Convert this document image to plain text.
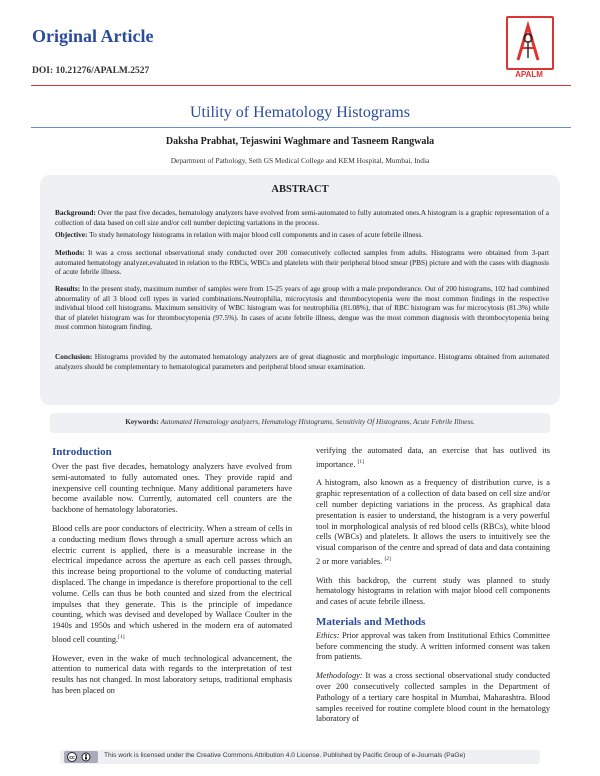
Original Article
DOI: 10.21276/APALM.2527	APALM
Utility of Hematology Histograms
Daksha Prabhat, Tejaswini Waghmare and Tasneem Rangwala
Department of Pathology, Seth GS Medical College and KEM Hospital, Mumbai, India
ABSTRACT

Background: Over the past five decades, hematology analyzers have evolved from semi-automated to fully automated ones.A histogram is a graphic representation of a collection of data based on cell size and/or cell number depicting variations in the process.

Objective: To study hematology histograms in relation with major blood cell components and in cases of acute febrile illness.

Methods: It was a cross sectional observational study conducted over 200 consecutively collected samples from adults. Histograms were obtained from 3-part automated hematology analyzer,evaluated in relation to the RBCs, WBCs and platelets with their peripheral blood smear (PBS) picture and with the cases with diagnosis of acute febrile illness.

Results: In the present study, maximum number of samples were from 15-25 years of age group with a male preponderance. Out of 200 histograms, 102 had combined abnormality of all 3 blood cell types in varied combinations.Neutrophilia, microcytosis and thrombocytopenia were the most common findings in the respective individual blood cell histograms. Maximum sensitivity of WBC histogram was for neutrophilia (81.08%), that of RBC histogram was for microcytosis (81.3%) while that of platelet histogram was for thrombocytopenia (97.5%). In cases of acute febrile illness, dengue was the most common diagnosis with thrombocytopenia being most common histogram finding.

Conclusion: Histograms provided by the automated hematology analyzers are of great diagnostic and morphologic importance. Histograms obtained from automated analyzers should be complementary to hematological parameters and peripheral blood smear examination.

Keywords: Automated Hematology analyzers, Hematology Histograms, Sensitivity Of Histograms, Acute Febrile Illness.
Introduction

Over the past five decades, hematology analyzers have evolved from semi-automated to fully automated ones. They provide rapid and inexpensive cell counting technique. Many additional parameters have become available now. Currently, automated cell counters are the backbone of hematology laboratories.

Blood cells are poor conductors of electricity. When a stream of cells in a conducting medium flows through a small aperture across which an electric current is applied, there is a measurable increase in the electrical impedance across the aperture as each cell passes through, this increase being proportional to the volume of conducting material displaced. The change in impedance is therefore proportional to the cell volume. Cells can thus be both counted and sized from the electrical impulses that they generate. This is the principle of impedance counting, which was devised and developed by Wallace Coulter in the 1940s and 1950s and which ushered in the modern era of automated blood cell counting.[1]

However, even in the wake of much technological advancement, the attention to numerical data with regards to the interpretation of test results has not changed. In most laboratory setups, traditional emphasis has been placed on

verifying the automated data, an exercise that has outlived its importance. [1]

A histogram, also known as a frequency of distribution curve, is a graphic representation of a collection of data based on cell size and/or cell number depicting variations in the process. As graphical data presentation is easier to understand, the histogram is a very powerful tool in morphological analysis of red blood cells (RBCs), white blood cells (WBCs) and platelets. It allows the users to intuitively see the visual comparison of the centre and spread of data and data containing 2 or more variables. [2]

With this backdrop, the current study was planned to study hematology histograms in relation with major blood cell components and cases of acute febrile illness.

Materials and Methods

Ethics: Prior approval was taken from Institutional Ethics Committee before commencing the study. A written informed consent was taken from patients.

Methodology: It was a cross sectional observational study conducted over 200 consecutively collected samples in the Department of Pathology of a tertiary care hospital in Mumbai, Maharashtra. Blood samples received for routine complete blood count in the hematology laboratory of

cc	This work is licensed under the Creative Commons Attribution 4.0 License. Published by Pacific Group of e-Journals (PaGe)
